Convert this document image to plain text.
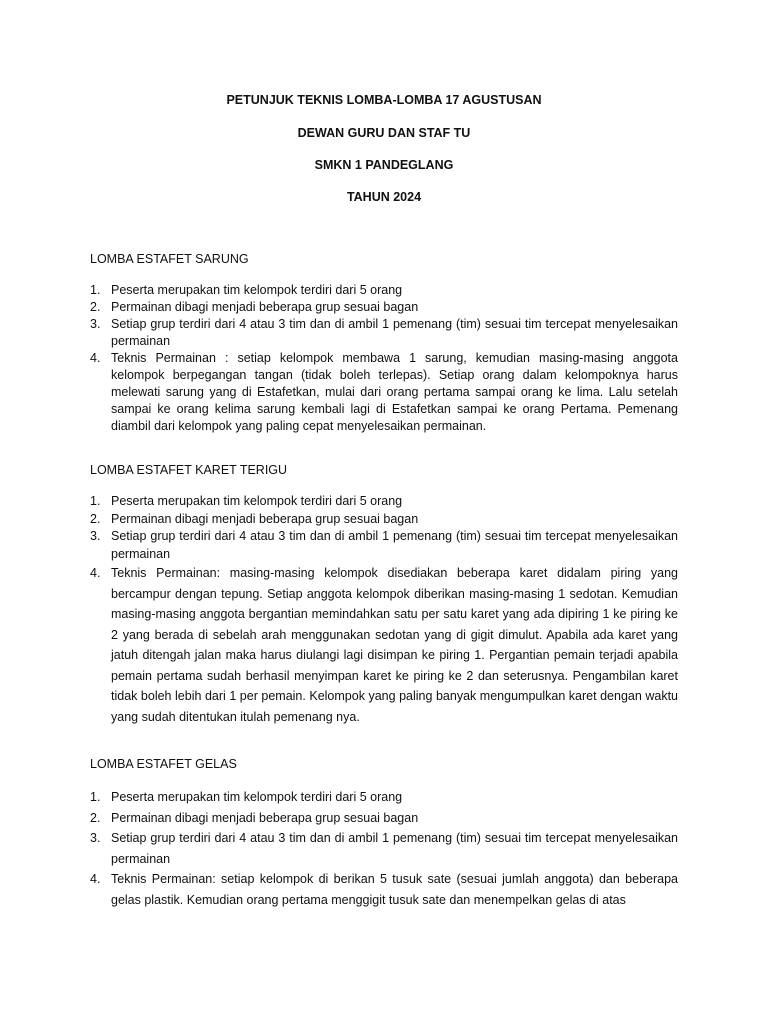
PETUNJUK TEKNIS LOMBA-LOMBA 17 AGUSTUSAN

DEWAN GURU DAN STAF TU

SMKN 1 PANDEGLANG

TAHUN 2024

LOMBA ESTAFET SARUNG

1. Peserta merupakan tim kelompok terdiri dari 5 orang
2. Permainan dibagi menjadi beberapa grup sesuai bagan
3. Setiap grup terdiri dari 4 atau 3 tim dan di ambil 1 pemenang (tim) sesuai tim tercepat menyelesaikan permainan
4. Teknis Permainan : setiap kelompok membawa 1 sarung, kemudian masing-masing anggota kelompok berpegangan tangan (tidak boleh terlepas). Setiap orang dalam kelompoknya harus melewati sarung yang di Estafetkan, mulai dari orang pertama sampai orang ke lima. Lalu setelah sampai ke orang kelima sarung kembali lagi di Estafetkan sampai ke orang Pertama. Pemenang diambil dari kelompok yang paling cepat menyelesaikan permainan.

LOMBA ESTAFET KARET TERIGU

1. Peserta merupakan tim kelompok terdiri dari 5 orang
2. Permainan dibagi menjadi beberapa grup sesuai bagan
3. Setiap grup terdiri dari 4 atau 3 tim dan di ambil 1 pemenang (tim) sesuai tim tercepat menyelesaikan permainan
4. Teknis Permainan: masing-masing kelompok disediakan beberapa karet didalam piring yang bercampur dengan tepung. Setiap anggota kelompok diberikan masing-masing 1 sedotan. Kemudian masing-masing anggota bergantian memindahkan satu per satu karet yang ada dipiring 1 ke piring ke 2 yang berada di sebelah arah menggunakan sedotan yang di gigit dimulut. Apabila ada karet yang jatuh ditengah jalan maka harus diulangi lagi disimpan ke piring 1. Pergantian pemain terjadi apabila pemain pertama sudah berhasil menyimpan karet ke piring ke 2 dan seterusnya. Pengambilan karet tidak boleh lebih dari 1 per pemain. Kelompok yang paling banyak mengumpulkan karet dengan waktu yang sudah ditentukan itulah pemenang nya.

LOMBA ESTAFET GELAS

1. Peserta merupakan tim kelompok terdiri dari 5 orang
2. Permainan dibagi menjadi beberapa grup sesuai bagan
3. Setiap grup terdiri dari 4 atau 3 tim dan di ambil 1 pemenang (tim) sesuai tim tercepat menyelesaikan permainan
4. Teknis Permainan: setiap kelompok di berikan 5 tusuk sate (sesuai jumlah anggota) dan beberapa gelas plastik. Kemudian orang pertama menggigit tusuk sate dan menempelkan gelas di atas
